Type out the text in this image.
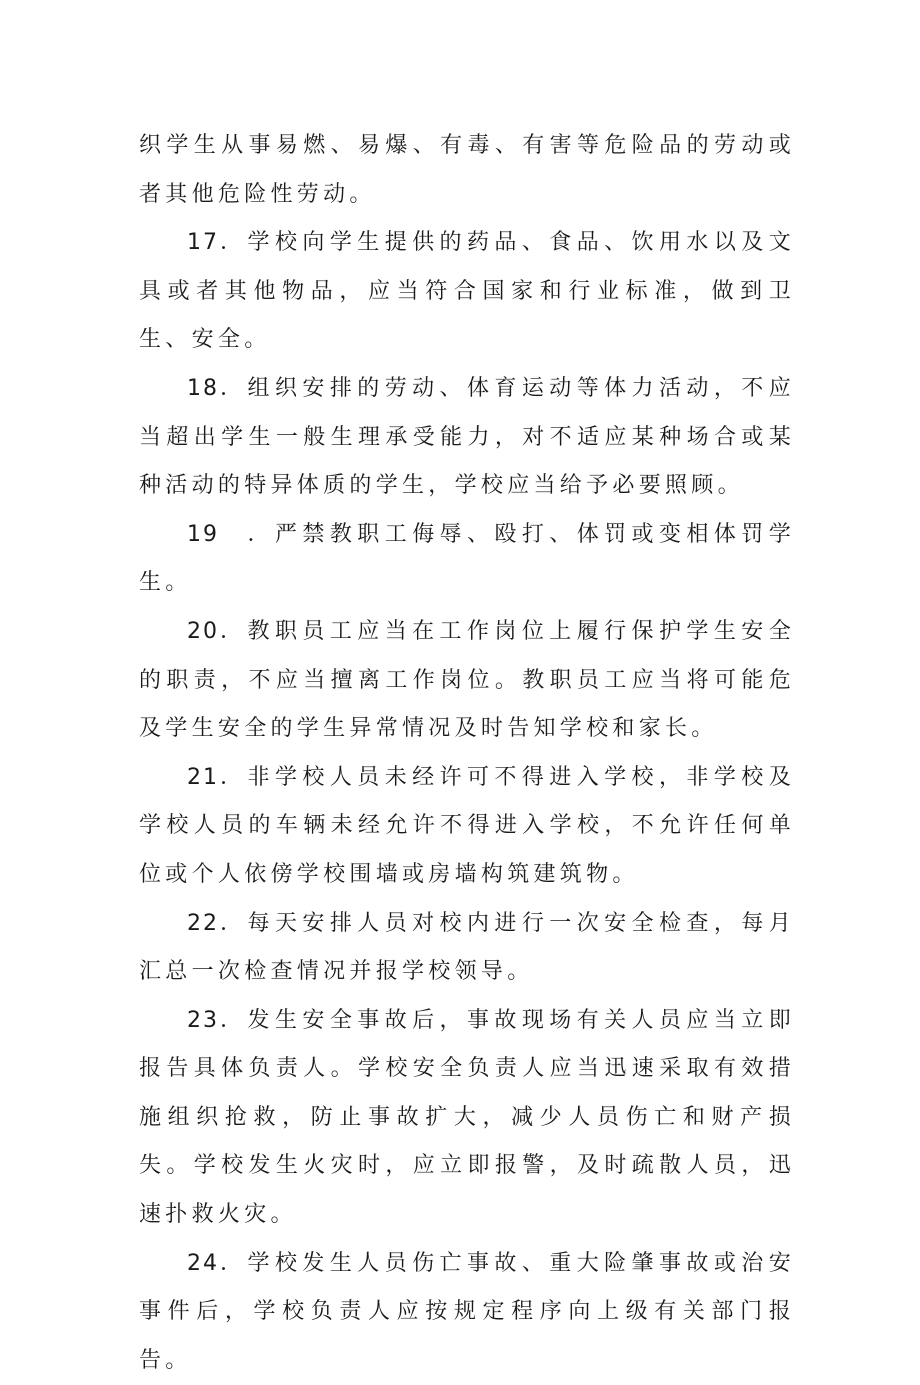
织学生从事易燃、易爆、有毒、有害等危险品的劳动或者其他危险性劳动。

17．学校向学生提供的药品、食品、饮用水以及文具或者其他物品，应当符合国家和行业标准，做到卫生、安全。

18．组织安排的劳动、体育运动等体力活动，不应当超出学生一般生理承受能力，对不适应某种场合或某种活动的特异体质的学生，学校应当给予必要照顾。

19　．严禁教职工侮辱、殴打、体罚或变相体罚学生。

20．教职员工应当在工作岗位上履行保护学生安全的职责，不应当擅离工作岗位。教职员工应当将可能危及学生安全的学生异常情况及时告知学校和家长。

21．非学校人员未经许可不得进入学校，非学校及学校人员的车辆未经允许不得进入学校，不允许任何单位或个人依傍学校围墙或房墙构筑建筑物。

22．每天安排人员对校内进行一次安全检查，每月汇总一次检查情况并报学校领导。

23．发生安全事故后，事故现场有关人员应当立即报告具体负责人。学校安全负责人应当迅速采取有效措施组织抢救，防止事故扩大，减少人员伤亡和财产损失。学校发生火灾时，应立即报警，及时疏散人员，迅速扑救火灾。

24．学校发生人员伤亡事故、重大险肇事故或治安事件后，学校负责人应按规定程序向上级有关部门报告。
